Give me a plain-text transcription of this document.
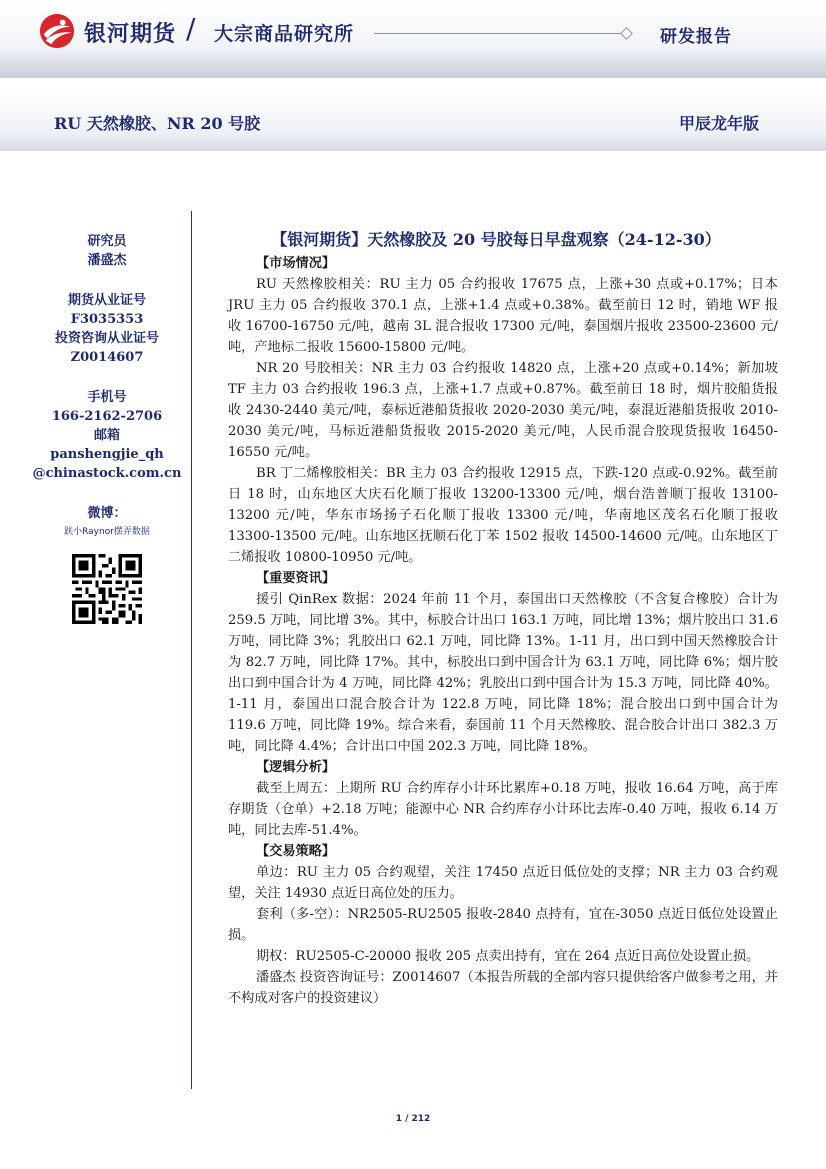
银河期货 / 大宗商品研究所	研发报告
RU 天然橡胶、NR 20 号胶	甲辰龙年版
研究员
潘盛杰
期货从业证号
F3035353
投资咨询从业证号
Z0014607
手机号
166-2162-2706
邮箱
panshengjie_qh
@chinastock.com.cn
微博：
趺小Raynor摆弄数据
【银河期货】天然橡胶及 20 号胶每日早盘观察（24-12-30）
【市场情况】

RU 天然橡胶相关：RU 主力 05 合约报收 17675 点，上涨+30 点或+0.17%；日本 JRU 主力 05 合约报收 370.1 点，上涨+1.4 点或+0.38%。截至前日 12 时，销地 WF 报收 16700-16750 元/吨，越南 3L 混合报收 17300 元/吨，泰国烟片报收 23500-23600 元/吨，产地标二报收 15600-15800 元/吨。

NR 20 号胶相关：NR 主力 03 合约报收 14820 点，上涨+20 点或+0.14%；新加坡 TF 主力 03 合约报收 196.3 点，上涨+1.7 点或+0.87%。截至前日 18 时，烟片胶船货报收 2430-2440 美元/吨，泰标近港船货报收 2020-2030 美元/吨，泰混近港船货报收 2010-2030 美元/吨，马标近港船货报收 2015-2020 美元/吨，人民币混合胶现货报收 16450-16550 元/吨。

BR 丁二烯橡胶相关：BR 主力 03 合约报收 12915 点，下跌-120 点或-0.92%。截至前日 18 时，山东地区大庆石化顺丁报收 13200-13300 元/吨，烟台浩普顺丁报收 13100-13200 元/吨，华东市场扬子石化顺丁报收 13300 元/吨，华南地区茂名石化顺丁报收 13300-13500 元/吨。山东地区抚顺石化丁苯 1502 报收 14500-14600 元/吨。山东地区丁二烯报收 10800-10950 元/吨。

【重要资讯】

援引 QinRex 数据：2024 年前 11 个月，泰国出口天然橡胶（不含复合橡胶）合计为 259.5 万吨，同比增 3%。其中，标胶合计出口 163.1 万吨，同比增 13%；烟片胶出口 31.6 万吨，同比降 3%；乳胶出口 62.1 万吨，同比降 13%。1-11 月，出口到中国天然橡胶合计为 82.7 万吨，同比降 17%。其中，标胶出口到中国合计为 63.1 万吨，同比降 6%；烟片胶出口到中国合计为 4 万吨，同比降 42%；乳胶出口到中国合计为 15.3 万吨，同比降 40%。1-11 月，泰国出口混合胶合计为 122.8 万吨，同比降 18%；混合胶出口到中国合计为 119.6 万吨，同比降 19%。综合来看，泰国前 11 个月天然橡胶、混合胶合计出口 382.3 万吨，同比降 4.4%；合计出口中国 202.3 万吨，同比降 18%。

【逻辑分析】

截至上周五：上期所 RU 合约库存小计环比累库+0.18 万吨，报收 16.64 万吨，高于库存期货（仓单）+2.18 万吨；能源中心 NR 合约库存小计环比去库-0.40 万吨，报收 6.14 万吨，同比去库-51.4%。

【交易策略】

单边：RU 主力 05 合约观望，关注 17450 点近日低位处的支撑；NR 主力 03 合约观望，关注 14930 点近日高位处的压力。

套利（多-空）：NR2505-RU2505 报收-2840 点持有，宜在-3050 点近日低位处设置止损。

期权：RU2505-C-20000 报收 205 点卖出持有，宜在 264 点近日高位处设置止损。

潘盛杰 投资咨询证号：Z0014607（本报告所载的全部内容只提供给客户做参考之用，并不构成对客户的投资建议）

1 / 212
